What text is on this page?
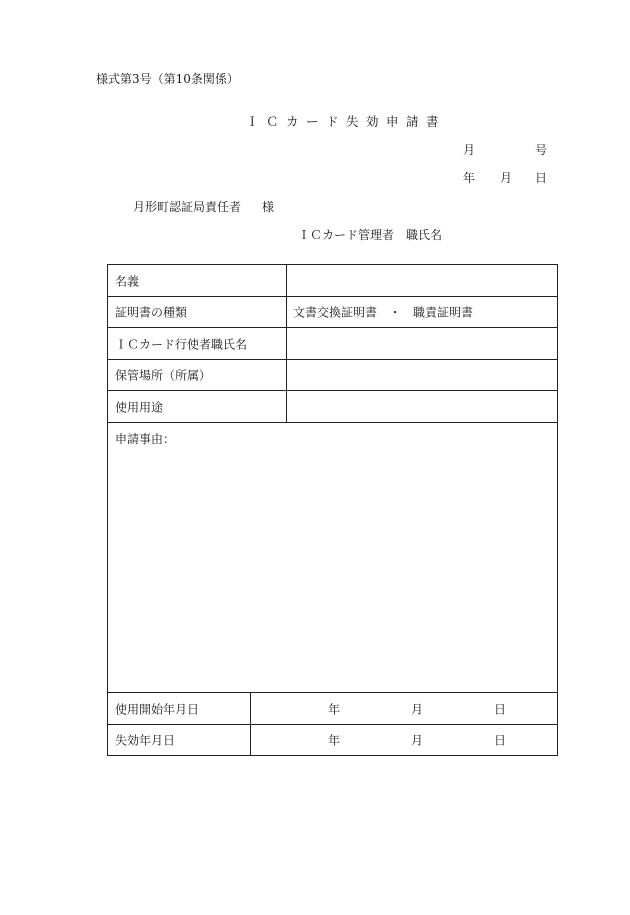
様式第3号（第10条関係）
ＩＣカード失効申請書
月	号
年 月 日
月形町認証局責任者 様
ＩＣカード管理者　職氏名
名義
証明書の種類	文書交換証明書　・　職責証明書
ＩＣカード行使者職氏名
保管場所（所属）
使用用途
申請事由：
使用開始年月日	年	月	日
失効年月日	年	月	日
